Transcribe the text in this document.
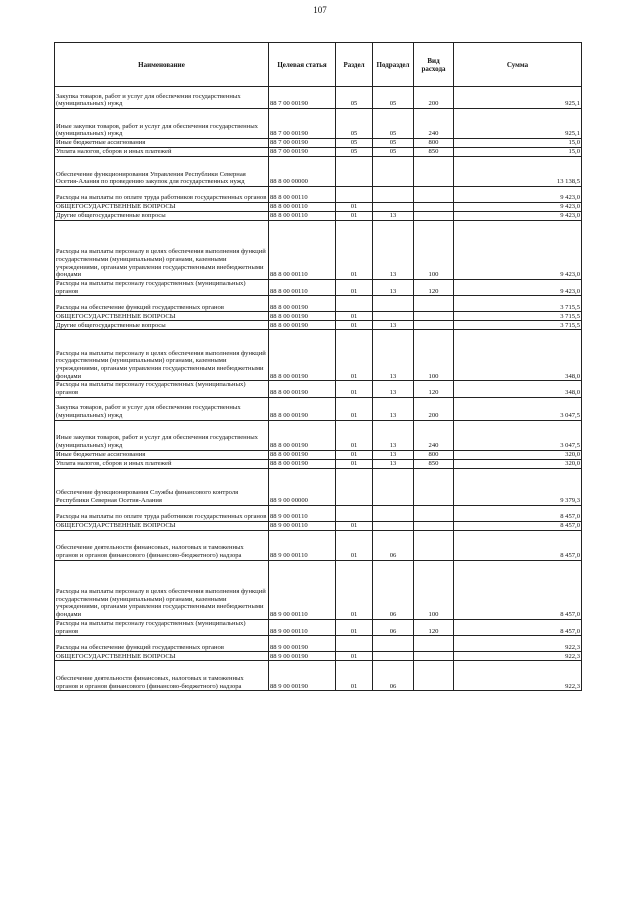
107
Наименование	Целевая статья	Раздел	Подраздел	Вид расхода	Сумма
Закупка товаров, работ и услуг для обеспечения государственных (муниципальных) нужд	88 7 00 00190	05	05	200	925,1
Иные закупки товаров, работ и услуг для обеспечения государственных (муниципальных) нужд	88 7 00 00190	05	05	240	925,1
Иные бюджетные ассигнования	88 7 00 00190	05	05	800	15,0
Уплата налогов, сборов и иных платежей	88 7 00 00190	05	05	850	15,0
Обеспечение функционирования Управления Республики Северная Осетия-Алания по проведению закупок для государственных нужд	88 8 00 00000				13 138,5
Расходы на выплаты по оплате труда работников государственных органов	88 8 00 00110				9 423,0
ОБЩЕГОСУДАРСТВЕННЫЕ ВОПРОСЫ	88 8 00 00110	01			9 423,0
Другие общегосударственные вопросы	88 8 00 00110	01	13		9 423,0
Расходы на выплаты персоналу в целях обеспечения выполнения функций государственными (муниципальными) органами, казенными учреждениями, органами управления государственными внебюджетными фондами	88 8 00 00110	01	13	100	9 423,0
Расходы на выплаты персоналу государственных (муниципальных) органов	88 8 00 00110	01	13	120	9 423,0
Расходы на обеспечение функций государственных органов	88 8 00 00190				3 715,5
ОБЩЕГОСУДАРСТВЕННЫЕ ВОПРОСЫ	88 8 00 00190	01			3 715,5
Другие общегосударственные вопросы	88 8 00 00190	01	13		3 715,5
Расходы на выплаты персоналу в целях обеспечения выполнения функций государственными (муниципальными) органами, казенными учреждениями, органами управления государственными внебюджетными фондами	88 8 00 00190	01	13	100	348,0
Расходы на выплаты персоналу государственных (муниципальных) органов	88 8 00 00190	01	13	120	348,0
Закупка товаров, работ и услуг для обеспечения государственных (муниципальных) нужд	88 8 00 00190	01	13	200	3 047,5
Иные закупки товаров, работ и услуг для обеспечения государственных (муниципальных) нужд	88 8 00 00190	01	13	240	3 047,5
Иные бюджетные ассигнования	88 8 00 00190	01	13	800	320,0
Уплата налогов, сборов и иных платежей	88 8 00 00190	01	13	850	320,0
Обеспечение функционирования Службы финансового контроля Республики Северная Осетия-Алания	88 9 00 00000				9 379,3
Расходы на выплаты по оплате труда работников государственных органов	88 9 00 00110				8 457,0
ОБЩЕГОСУДАРСТВЕННЫЕ ВОПРОСЫ	88 9 00 00110	01			8 457,0
Обеспечение деятельности финансовых, налоговых и таможенных органов и органов финансового (финансово-бюджетного) надзора	88 9 00 00110	01	06		8 457,0
Расходы на выплаты персоналу в целях обеспечения выполнения функций государственными (муниципальными) органами, казенными учреждениями, органами управления государственными внебюджетными фондами	88 9 00 00110	01	06	100	8 457,0
Расходы на выплаты персоналу государственных (муниципальных) органов	88 9 00 00110	01	06	120	8 457,0
Расходы на обеспечение функций государственных органов	88 9 00 00190				922,3
ОБЩЕГОСУДАРСТВЕННЫЕ ВОПРОСЫ	88 9 00 00190	01			922,3
Обеспечение деятельности финансовых, налоговых и таможенных органов и органов финансового (финансово-бюджетного) надзора	88 9 00 00190	01	06		922,3
